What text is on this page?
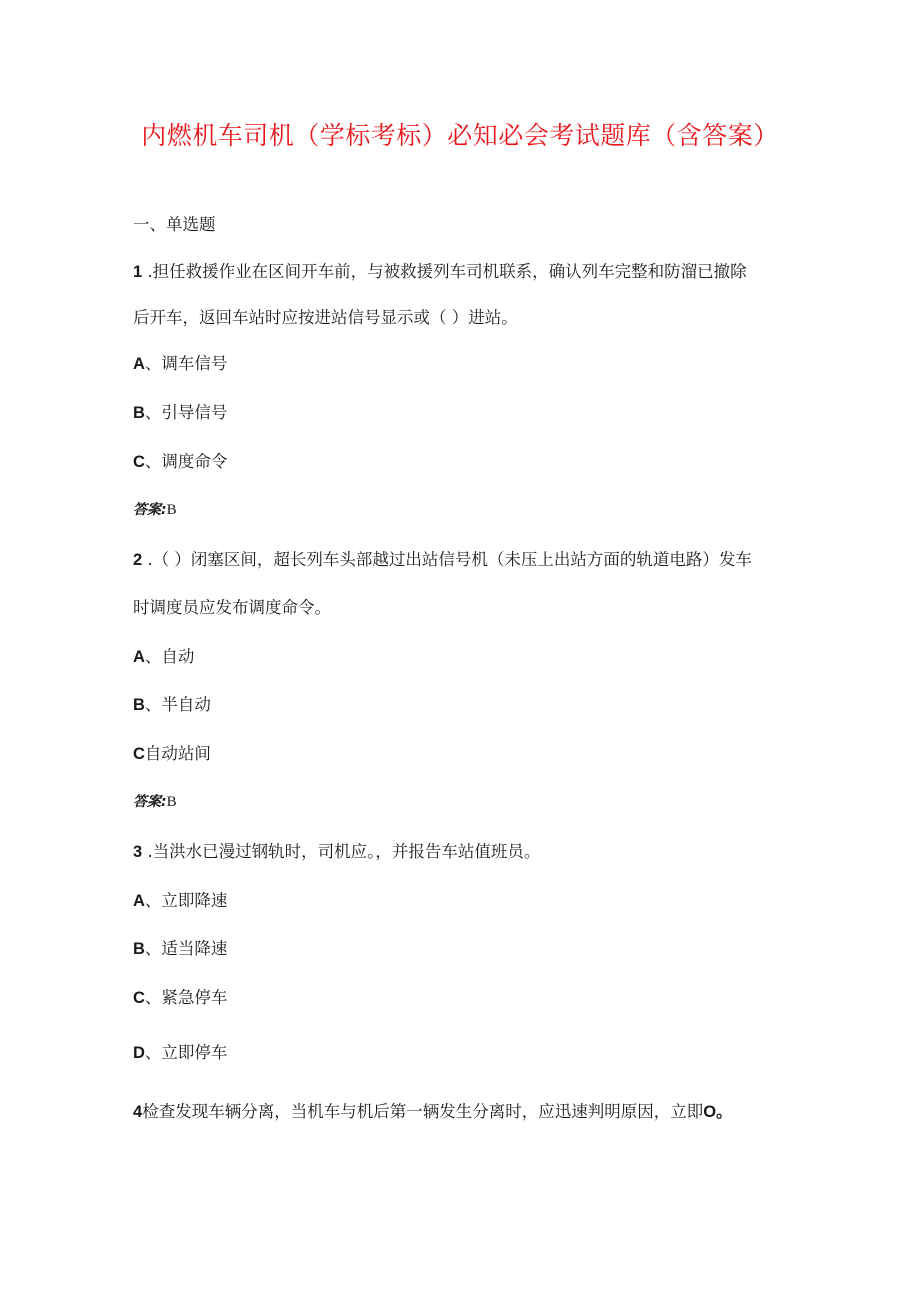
内燃机车司机（学标考标）必知必会考试题库（含答案）

一、单选题

1 .担任救援作业在区间开车前，与被救援列车司机联系，确认列车完整和防溜已撤除

后开车，返回车站时应按进站信号显示或（ ）进站。

A、调车信号

B、引导信号

C、调度命令

答案:B

2 .（ ）闭塞区间，超长列车头部越过出站信号机（未压上出站方面的轨道电路）发车

时调度员应发布调度命令。

A、自动

B、半自动

C自动站间

答案:B

3 .当洪水已漫过钢轨时，司机应。，并报告车站值班员。

A、立即降速

B、适当降速

C、紧急停车

D、立即停车

4检查发现车辆分离，当机车与机后第一辆发生分离时，应迅速判明原因，立即O。
